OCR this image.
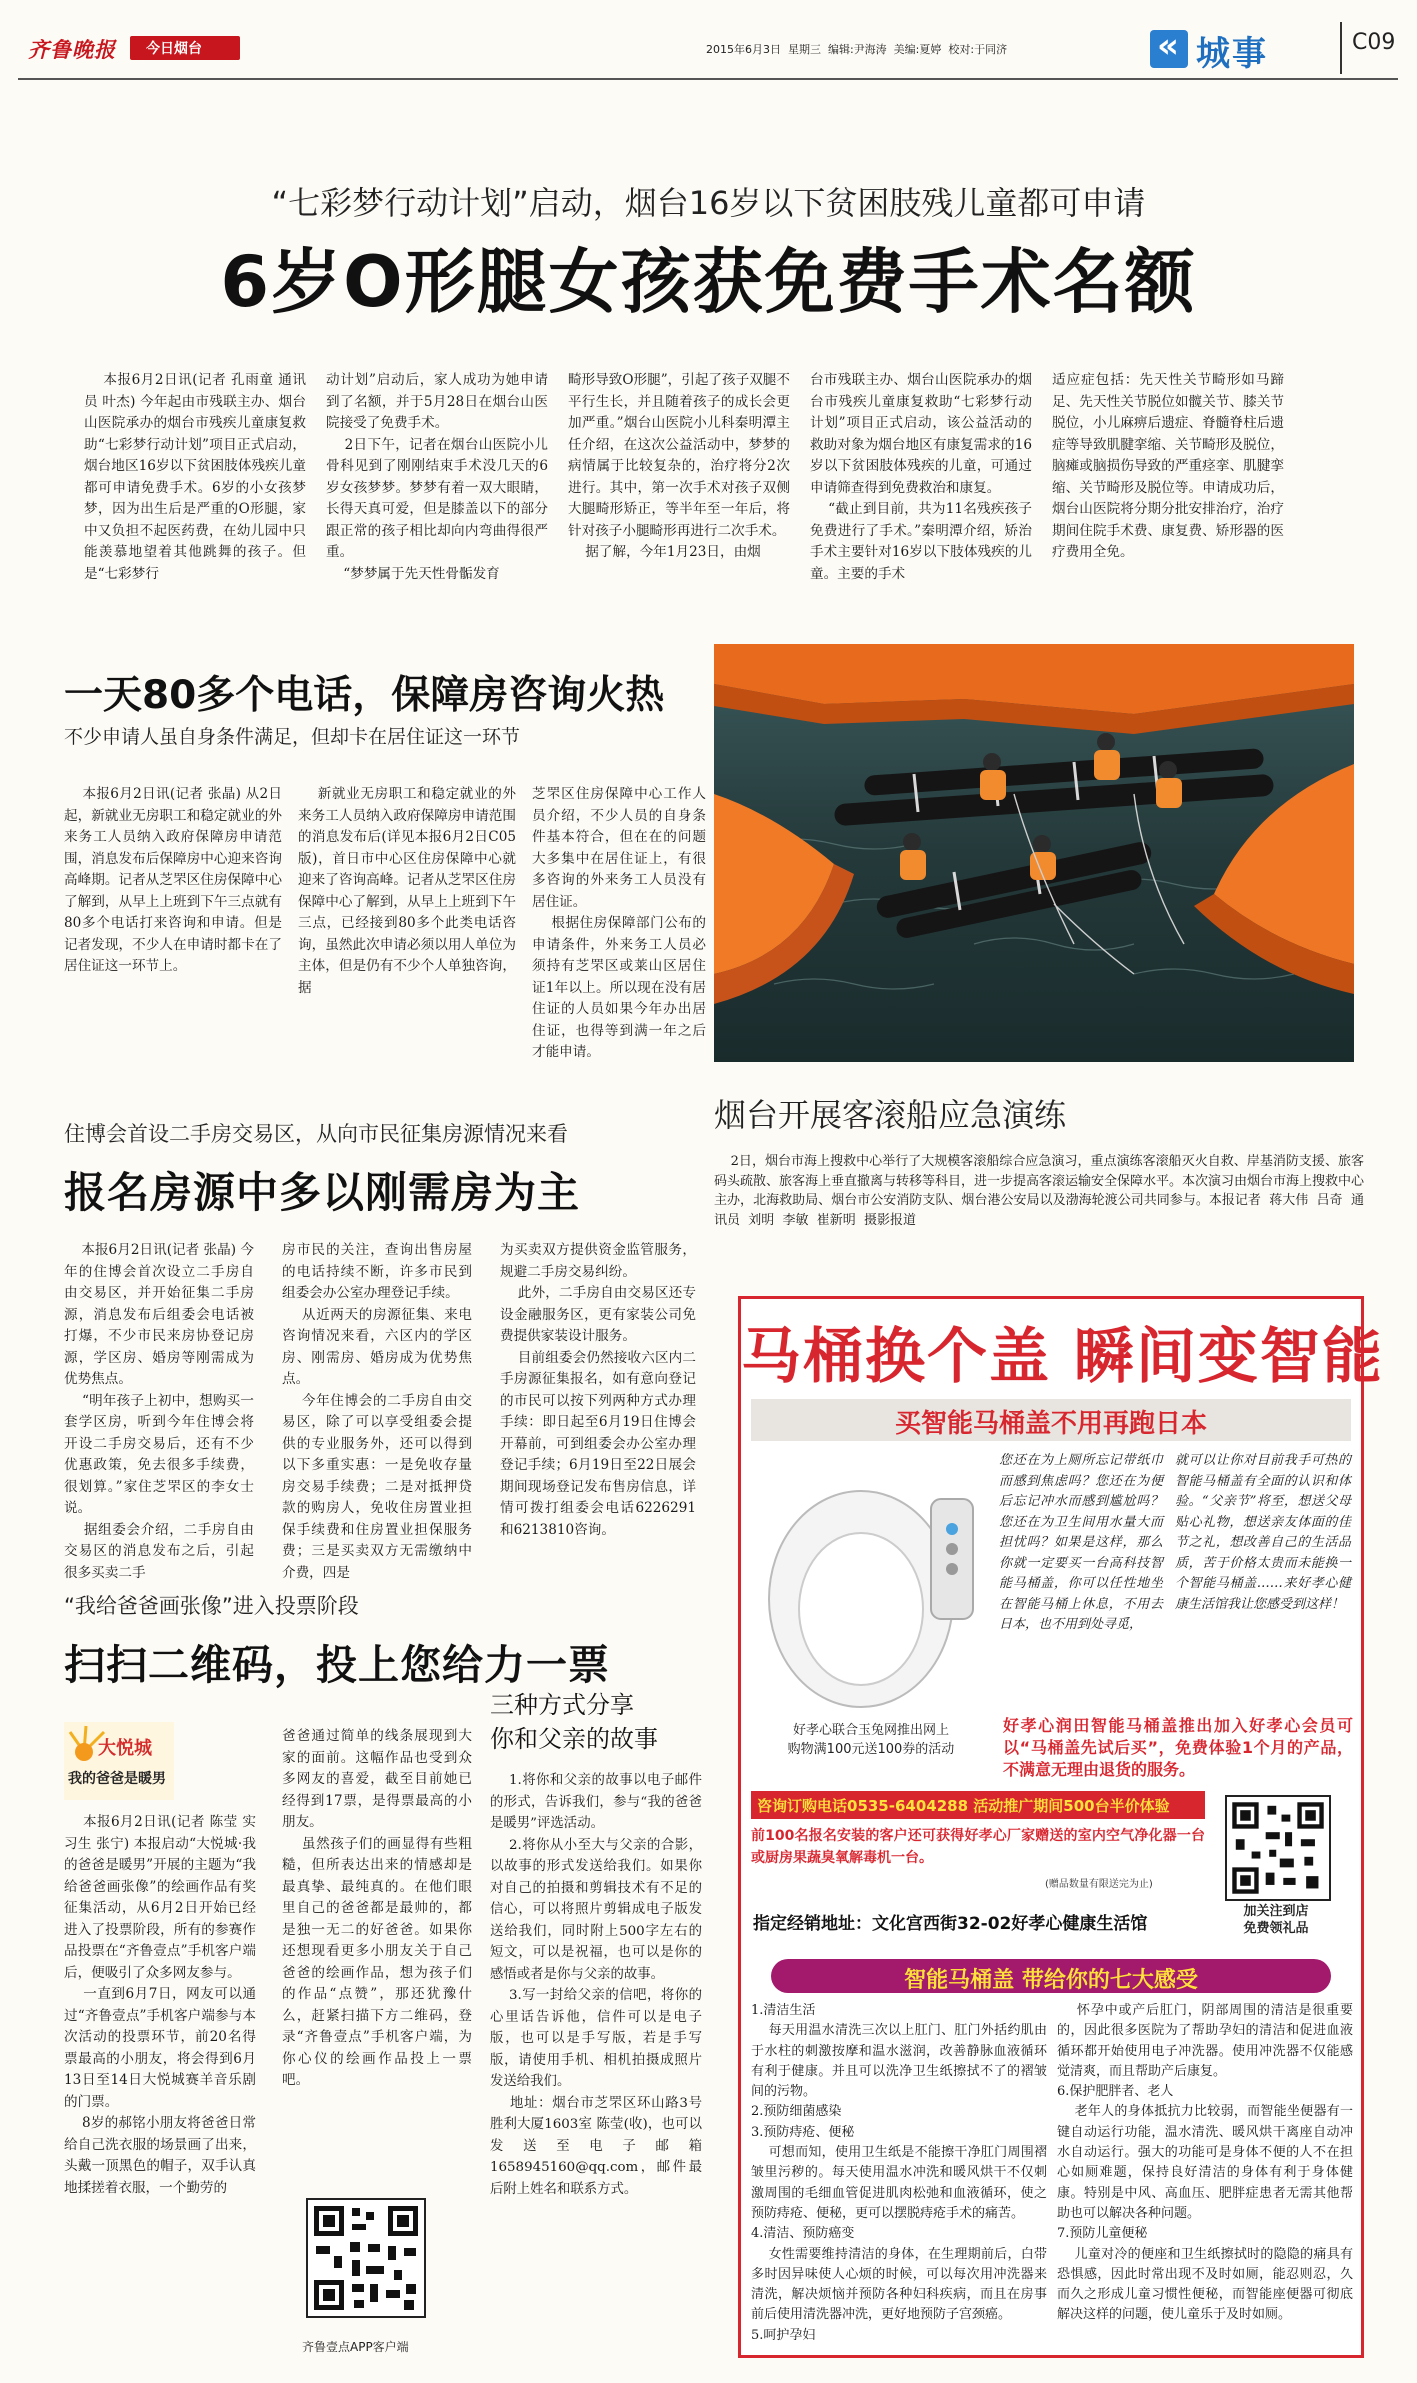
齐鲁晚报 今日烟台	2015年6月3日  星期三  编辑:尹海涛  美编:夏婷  校对:于同济	« 城事	C09
“七彩梦行动计划”启动，烟台16岁以下贫困肢残儿童都可申请
6岁O形腿女孩获免费手术名额
本报6月2日讯(记者 孔雨童 通讯员 叶杰) 今年起由市残联主办、烟台山医院承办的烟台市残疾儿童康复救助“七彩梦行动计划”项目正式启动，烟台地区16岁以下贫困肢体残疾儿童都可申请免费手术。6岁的小女孩梦梦，因为出生后是严重的O形腿，家中又负担不起医药费，在幼儿园中只能羡慕地望着其他跳舞的孩子。但是“七彩梦行
动计划”启动后，家人成功为她申请到了名额，并于5月28日在烟台山医院接受了免费手术。
2日下午，记者在烟台山医院小儿骨科见到了刚刚结束手术没几天的6岁女孩梦梦。梦梦有着一双大眼睛，长得天真可爱，但是膝盖以下的部分跟正常的孩子相比却向内弯曲得很严重。
“梦梦属于先天性骨骺发育
畸形导致O形腿”，引起了孩子双腿不平行生长，并且随着孩子的成长会更加严重。”烟台山医院小儿科秦明潭主任介绍，在这次公益活动中，梦梦的病情属于比较复杂的，治疗将分2次进行。其中，第一次手术对孩子双侧大腿畸形矫正，等半年至一年后，将针对孩子小腿畸形再进行二次手术。
据了解，今年1月23日，由烟
台市残联主办、烟台山医院承办的烟台市残疾儿童康复救助“七彩梦行动计划”项目正式启动，该公益活动的救助对象为烟台地区有康复需求的16岁以下贫困肢体残疾的儿童，可通过申请筛查得到免费救治和康复。
“截止到目前，共为11名残疾孩子免费进行了手术。”秦明潭介绍，矫治手术主要针对16岁以下肢体残疾的儿童。主要的手术
适应症包括：先天性关节畸形如马蹄足、先天性关节脱位如髋关节、膝关节脱位，小儿麻痹后遗症、脊髓脊柱后遗症等导致肌腱挛缩、关节畸形及脱位，脑瘫或脑损伤导致的严重痉挛、肌腱挛缩、关节畸形及脱位等。申请成功后，烟台山医院将分期分批安排治疗，治疗期间住院手术费、康复费、矫形器的医疗费用全免。
一天80多个电话，保障房咨询火热
不少申请人虽自身条件满足，但却卡在居住证这一环节
本报6月2日讯(记者 张晶) 从2日起，新就业无房职工和稳定就业的外来务工人员纳入政府保障房申请范围，消息发布后保障房中心迎来咨询高峰期。记者从芝罘区住房保障中心了解到，从早上上班到下午三点就有80多个电话打来咨询和申请。但是记者发现，不少人在申请时都卡在了居住证这一环节上。
新就业无房职工和稳定就业的外来务工人员纳入政府保障房申请范围的消息发布后(详见本报6月2日C05版)，首日市中心区住房保障中心就迎来了咨询高峰。记者从芝罘区住房保障中心了解到，从早上上班到下午三点，已经接到80多个此类电话咨询，虽然此次申请必须以用人单位为主体，但是仍有不少个人单独咨询，据
芝罘区住房保障中心工作人员介绍，不少人员的自身条件基本符合，但在在的问题大多集中在居住证上，有很多咨询的外来务工人员没有居住证。
根据住房保障部门公布的申请条件，外来务工人员必须持有芝罘区或莱山区居住证1年以上。所以现在没有居住证的人员如果今年办出居住证，也得等到满一年之后才能申请。
烟台开展客滚船应急演练
2日，烟台市海上搜救中心举行了大规模客滚船综合应急演习，重点演练客滚船灭火自救、岸基消防支援、旅客码头疏散、旅客海上垂直撤离与转移等科目，进一步提高客滚运输安全保障水平。本次演习由烟台市海上搜救中心主办，北海救助局、烟台市公安消防支队、烟台港公安局以及渤海轮渡公司共同参与。本报记者  蒋大伟  吕奇  通讯员  刘明  李敏  崔新明  摄影报道
住博会首设二手房交易区，从向市民征集房源情况来看
报名房源中多以刚需房为主
本报6月2日讯(记者 张晶) 今年的住博会首次设立二手房自由交易区，并开始征集二手房源，消息发布后组委会电话被打爆，不少市民来房协登记房源，学区房、婚房等刚需成为优势焦点。
“明年孩子上初中，想购买一套学区房，听到今年住博会将开设二手房交易后，还有不少优惠政策，免去很多手续费，很划算。”家住芝罘区的李女士说。
据组委会介绍，二手房自由交易区的消息发布之后，引起很多买卖二手
房市民的关注，查询出售房屋的电话持续不断，许多市民到组委会办公室办理登记手续。
从近两天的房源征集、来电咨询情况来看，六区内的学区房、刚需房、婚房成为优势焦点。
今年住博会的二手房自由交易区，除了可以享受组委会提供的专业服务外，还可以得到以下多重实惠：一是免收存量房交易手续费；二是对抵押贷款的购房人，免收住房置业担保手续费和住房置业担保服务费；三是买卖双方无需缴纳中介费，四是
为买卖双方提供资金监管服务，规避二手房交易纠纷。
此外，二手房自由交易区还专设金融服务区，更有家装公司免费提供家装设计服务。
目前组委会仍然接收六区内二手房源征集报名，如有意向登记的市民可以按下列两种方式办理手续：即日起至6月19日住博会开幕前，可到组委会办公室办理登记手续；6月19日至22日展会期间现场登记发布售房信息，详情可拨打组委会电话6226291和6213810咨询。
“我给爸爸画张像”进入投票阶段
扫扫二维码，投上您给力一票
大悦城
我的爸爸是暖男
本报6月2日讯(记者 陈莹 实习生 张宁) 本报启动“大悦城·我的爸爸是暖男”开展的主题为“我给爸爸画张像”的绘画作品有奖征集活动，从6月2日开始已经进入了投票阶段，所有的参赛作品投票在“齐鲁壹点”手机客户端后，便吸引了众多网友参与。
一直到6月7日，网友可以通过“齐鲁壹点”手机客户端参与本次活动的投票环节，前20名得票最高的小朋友，将会得到6月13日至14日大悦城赛羊音乐剧的门票。
8岁的郝铭小朋友将爸爸日常给自己洗衣服的场景画了出来，头戴一顶黑色的帽子，双手认真地揉搓着衣服，一个勤劳的
爸爸通过简单的线条展现到大家的面前。这幅作品也受到众多网友的喜爱，截至目前她已经得到17票，是得票最高的小朋友。
虽然孩子们的画显得有些粗糙，但所表达出来的情感却是最真挚、最纯真的。在他们眼里自己的爸爸都是最帅的，都是独一无二的好爸爸。如果你还想现看更多小朋友关于自己爸爸的绘画作品，想为孩子们的作品“点赞”，那还犹豫什么，赶紧扫描下方二维码，登录“齐鲁壹点”手机客户端，为你心仪的绘画作品投上一票吧。
齐鲁壹点APP客户端
三种方式分享
你和父亲的故事
1.将你和父亲的故事以电子邮件的形式，告诉我们，参与“我的爸爸是暖男”评选活动。
2.将你从小至大与父亲的合影，以故事的形式发送给我们。如果你对自己的拍摄和剪辑技术有不足的信心，可以将照片剪辑成电子版发送给我们，同时附上500字左右的短文，可以是祝福，也可以是你的感悟或者是你与父亲的故事。
3.写一封给父亲的信吧，将你的心里话告诉他，信件可以是电子版，也可以是手写版，若是手写版，请使用手机、相机拍摄成照片发送给我们。
地址：烟台市芝罘区环山路3号胜利大厦1603室 陈莹(收)，也可以发送至电子邮箱1658945160@qq.com，邮件最后附上姓名和联系方式。
马桶换个盖 瞬间变智能
买智能马桶盖不用再跑日本
好孝心联合玉兔网推出网上
购物满100元送100券的活动
您还在为上厕所忘记带纸巾而感到焦虑吗？您还在为便后忘记冲水而感到尴尬吗？您还在为卫生间用水量大而担忧吗？如果是这样，那么你就一定要买一台高科技智能马桶盖，你可以任性地坐在智能马桶上休息，不用去日本，也不用到处寻觅，
就可以让你对目前我手可热的智能马桶盖有全面的认识和体验。“父亲节”将至，想送父母贴心礼物，想送亲友体面的佳节之礼，想改善自己的生活品质，苦于价格太贵而未能换一个智能马桶盖……来好孝心健康生活馆我让您感受到这样！
好孝心润田智能马桶盖推出加入好孝心会员可以“马桶盖先试后买”，免费体验1个月的产品，不满意无理由退货的服务。
咨询订购电话0535-6404288 活动推广期间500台半价体验
前100名报名安装的客户还可获得好孝心厂家赠送的室内空气净化器一台或厨房果蔬臭氧解毒机一台。
(赠品数量有限送完为止)
加关注到店
免费领礼品
指定经销地址：文化宫西街32-02好孝心健康生活馆
智能马桶盖 带给你的七大感受
1.清洁生活
每天用温水清洗三次以上肛门、肛门外括约肌由于水柱的刺激按摩和温水滋润，改善静脉血液循环有利于健康。并且可以洗净卫生纸擦拭不了的褶皱间的污物。
2.预防细菌感染
3.预防痔疮、便秘
可想而知，使用卫生纸是不能擦干净肛门周围褶皱里污秽的。每天使用温水冲洗和暖风烘干不仅刺激周围的毛细血管促进肌肉松弛和血液循环，使之预防痔疮、便秘，更可以摆脱痔疮手术的痛苦。
4.清洁、预防癌变
女性需要维持清洁的身体，在生理期前后，白带多时因异味使人心烦的时候，可以每次用冲洗器来清洗，解决烦恼并预防各种妇科疾病，而且在房事前后使用清洗器冲洗，更好地预防子宫颈癌。
5.呵护孕妇
怀孕中或产后肛门，阴部周围的清洁是很重要的，因此很多医院为了帮助孕妇的清洁和促进血液循环都开始使用电子冲洗器。使用冲洗器不仅能感觉清爽，而且帮助产后康复。
6.保护肥胖者、老人
老年人的身体抵抗力比较弱，而智能坐便器有一键自动运行功能，温水清洗、暖风烘干离座自动冲水自动运行。强大的功能可是身体不便的人不在担心如厕难题，保持良好清洁的身体有利于身体健康。特别是中风、高血压、肥胖症患者无需其他帮助也可以解决各种问题。
7.预防儿童便秘
儿童对冷的便座和卫生纸擦拭时的隐隐的痛具有恐惧感，因此时常出现不及时如厕，能忍则忍，久而久之形成儿童习惯性便秘，而智能座便器可彻底解决这样的问题，使儿童乐于及时如厕。
